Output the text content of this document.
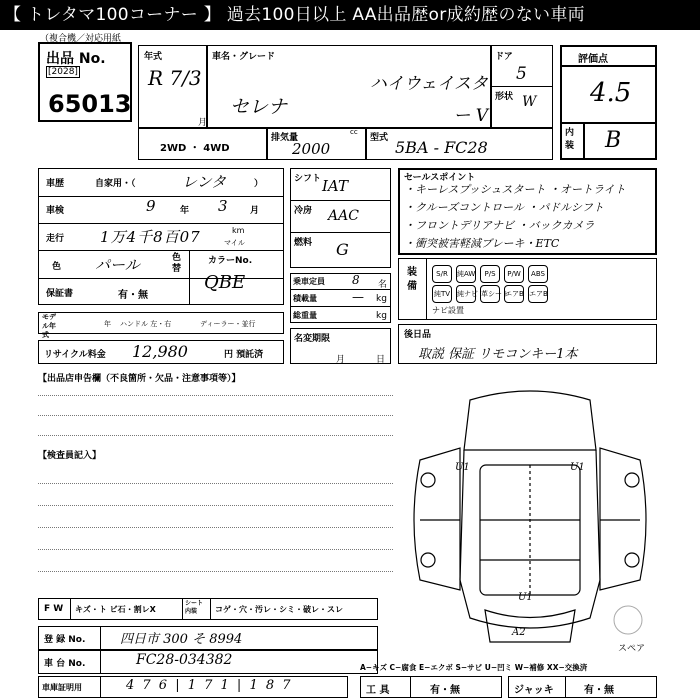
【 トレタマ100コーナー 】 過去100日以上 AA出品歴or成約歴のない車両
（複合機／対応用紙
出品 No.
[2028]
65013
年式
R 7/3
月
車名・グレード
セレナ
ハイウェイスター V
ドア
5
形状 W
2WD ・ 4WD
排気量
cc
2000
型式 5BA - FC28
評価点
4.5
内装 B
車歴	自家用・（	レンタ	）
車検	9	年 3 月
走行 1万4千8百07	km
マイル
色 パール	色替
カラーNo.
QBE
保証書	有・無
モデル年式
年 ハンドル 左・右	ディーラー・並行
リサイクル料金 12,980	円 預託済
シフト IAT
冷房 AAC
燃料 G
乗車定員 8 名
積載量	— kg
総重量	kg
名変期限
月	日
セールスポイント
・キーレスプッシュスタート ・オートライト
・クルーズコントロール ・パドルシフト
・フロントデリアナビ ・バックカメラ
・衝突被害軽減ブレーキ・ETC
装備
S/R 純AW P/S P/W ABS
純TV 純ナビ 革シートエアB エアB
ナビ設置
後日品
取説 保証 リモコンキー1本
【出品店申告欄（不良箇所・欠品・注意事項等）】
【検査員記入】
U1	U1
U1
A2
スペア
F W キズ・ト ビ石・割レX
シート内装	コゲ・穴・汚レ・シミ・破レ・スレ
登 録 No.	四日市 300 そ 8994
車 台 No.	FC28-034382
車庫証明用	4 7 6 | 1 7 1 | 1 8 7
A−キズ C−腐食 E−エクボ S−サビ U−凹ミ W−補修 XX−交換済
工 具	有・無	ジャッキ	有・無
